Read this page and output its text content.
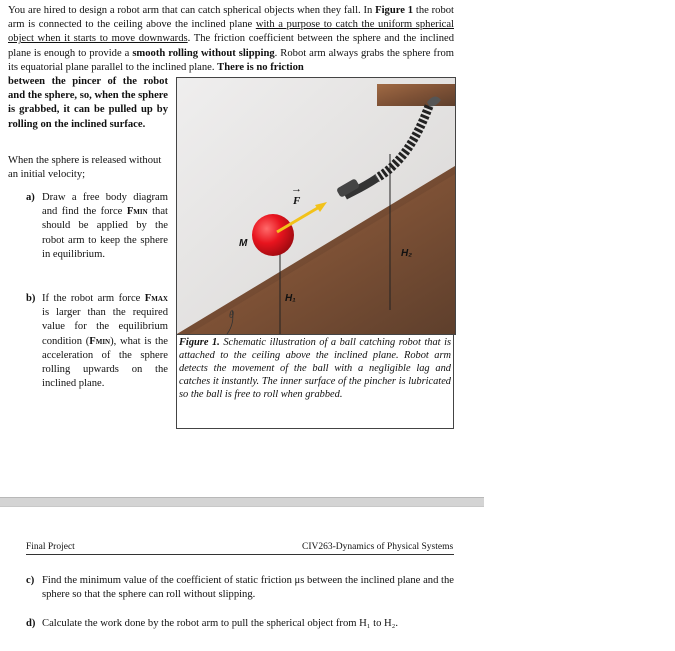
You are hired to design a robot arm that can catch spherical objects when they fall. In Figure 1 the robot arm is connected to the ceiling above the inclined plane with a purpose to catch the uniform spherical object when it starts to move downwards. The friction coefficient between the sphere and the inclined plane is enough to provide a smooth rolling without slipping. Robot arm always grabs the sphere from its equatorial plane parallel to the inclined plane. There is no friction
between the pincer of the robot and the sphere, so, when the sphere is grabbed, it can be pulled up by rolling on the inclined surface.
When the sphere is released without an initial velocity;
a) Draw a free body diagram and find the force Fmin that should be applied by the robot arm to keep the sphere in equilibrium.
b) If the robot arm force Fmax is larger than the required value for the equilibrium condition (Fmin), what is the acceleration of the sphere rolling upwards on the inclined plane.
M
F
→
H₁
H₂
θ
Figure 1. Schematic illustration of a ball catching robot that is attached to the ceiling above the inclined plane. Robot arm detects the movement of the ball with a negligible lag and catches it instantly. The inner surface of the pincher is lubricated so the ball is free to roll when grabbed.
Final Project	CIV263-Dynamics of Physical Systems
c) Find the minimum value of the coefficient of static friction μs between the inclined plane and the sphere so that the sphere can roll without slipping.
d) Calculate the work done by the robot arm to pull the spherical object from H₁ to H₂.
